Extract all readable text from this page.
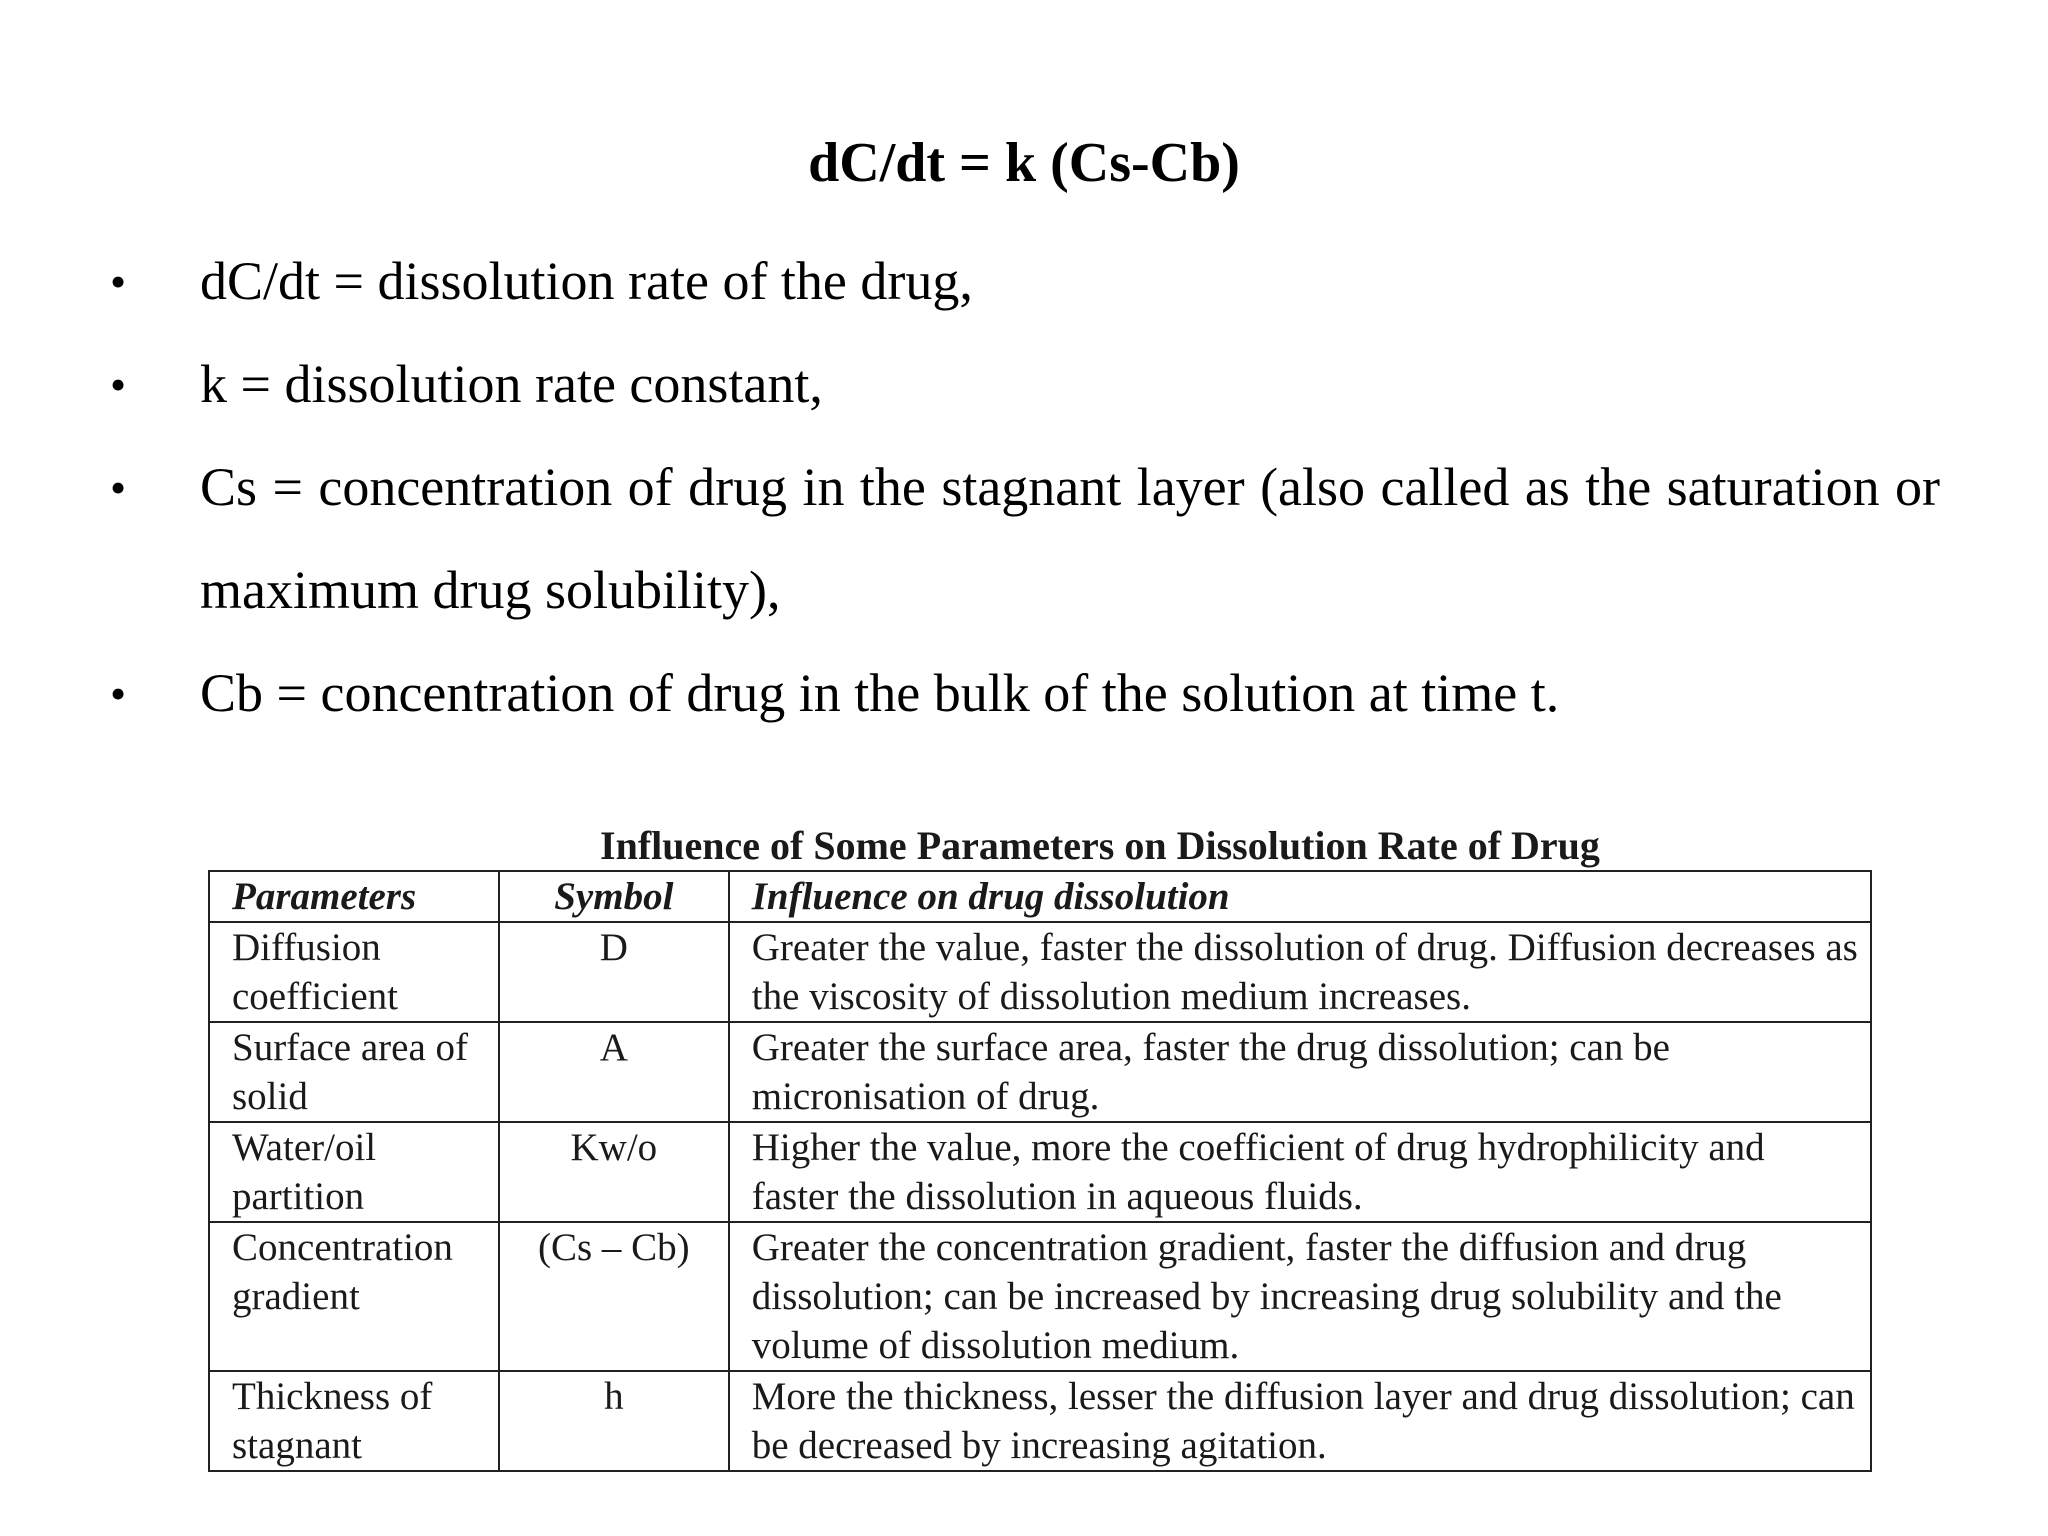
dC/dt = k (Cs-Cb)
• dC/dt = dissolution rate of the drug,
• k = dissolution rate constant,
• Cs = concentration of drug in the stagnant layer (also called as the saturation or maximum drug solubility),
• Cb = concentration of drug in the bulk of the solution at time t.
Influence of Some Parameters on Dissolution Rate of Drug
Parameters	Symbol	Influence on drug dissolution
Diffusion coefficient	D	Greater the value, faster the dissolution of drug. Diffusion decreases as the viscosity of dissolution medium increases.
Surface area of solid	A	Greater the surface area, faster the drug dissolution; can be micronisation of drug.
Water/oil partition	Kw/o	Higher the value, more the coefficient of drug hydrophilicity and faster the dissolution in aqueous fluids.
Concentration gradient	(Cs – Cb)	Greater the concentration gradient, faster the diffusion and drug dissolution; can be increased by increasing drug solubility and the volume of dissolution medium.
Thickness of stagnant	h	More the thickness, lesser the diffusion layer and drug dissolution; can be decreased by increasing agitation.
